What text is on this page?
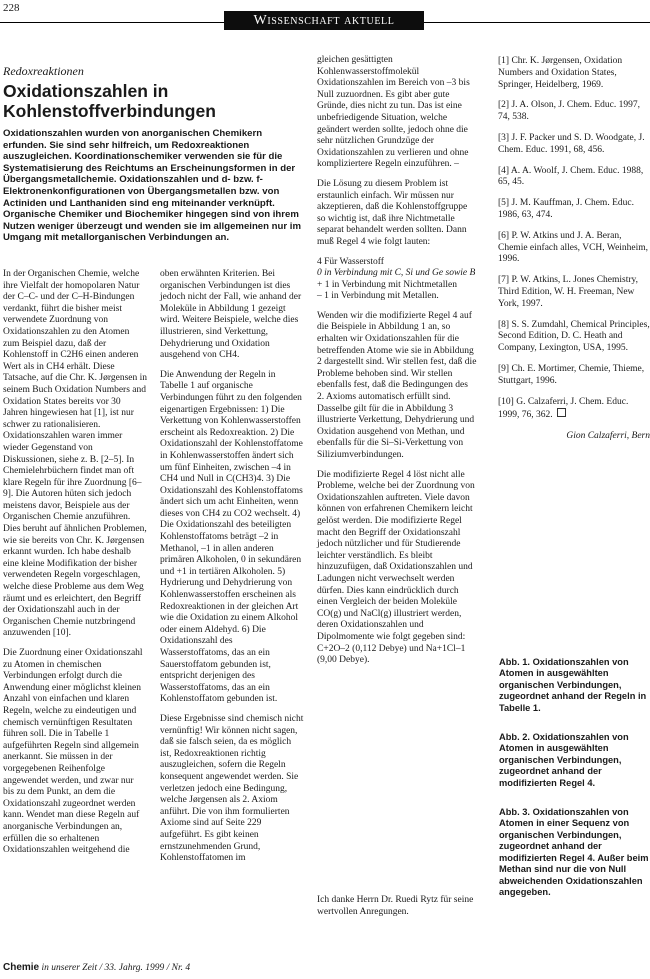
228
Wissenschaft aktuell
Redoxreaktionen
Oxidationszahlen in Kohlenstoffverbindungen
Oxidationszahlen wurden von anorganischen Chemikern erfunden. Sie sind sehr hilfreich, um Redoxreaktionen auszugleichen. Koordinationschemiker verwenden sie für die Systematisierung des Reichtums an Erscheinungsformen in der Übergangsmetallchemie. Oxidationszahlen und d- bzw. f-Elektronenkonfigurationen von Übergangsmetallen bzw. von Actiniden und Lanthaniden sind eng miteinander verknüpft. Organische Chemiker und Biochemiker hingegen sind von ihrem Nutzen weniger überzeugt und wenden sie im allgemeinen nur im Umgang mit metallorganischen Verbindungen an.

In der Organischen Chemie, welche ihre Vielfalt der homopolaren Natur der C–C- und der C–H-Bindungen verdankt, führt die bisher meist verwendete Zuordnung von Oxidationszahlen zu den Atomen zum Beispiel dazu, daß der Kohlenstoff in C2H6 einen anderen Wert als in CH4 erhält. Diese Tatsache, auf die Chr. K. Jørgensen in seinem Buch Oxidation Numbers and Oxidation States bereits vor 30 Jahren hingewiesen hat [1], ist nur schwer zu rationalisieren. Oxidationszahlen waren immer wieder Gegenstand von Diskussionen, siehe z. B. [2–5]. In Chemielehrbüchern findet man oft klare Regeln für ihre Zuordnung [6–9]. Die Autoren hüten sich jedoch meistens davor, Beispiele aus der Organischen Chemie anzuführen. Dies beruht auf ähnlichen Problemen, wie sie bereits von Chr. K. Jørgensen erkannt wurden. Ich habe deshalb eine kleine Modifikation der bisher verwendeten Regeln vorgeschlagen, welche diese Probleme aus dem Weg räumt und es erleichtert, den Begriff der Oxidationszahl auch in der Organischen Chemie nutzbringend anzuwenden [10].

Die Zuordnung einer Oxidationszahl zu Atomen in chemischen Verbindungen erfolgt durch die Anwendung einer möglichst kleinen Anzahl von einfachen und klaren Regeln, welche zu eindeutigen und chemisch vernünftigen Resultaten führen soll. Die in Tabelle 1 aufgeführten Regeln sind allgemein anerkannt. Sie müssen in der vorgegebenen Reihenfolge angewendet werden, und zwar nur bis zu dem Punkt, an dem die Oxidationszahl zugeordnet werden kann. Wendet man diese Regeln auf anorganische Verbindungen an, erfüllen die so erhaltenen Oxidationszahlen weitgehend die

oben erwähnten Kriterien. Bei organischen Verbindungen ist dies jedoch nicht der Fall, wie anhand der Moleküle in Abbildung 1 gezeigt wird. Weitere Beispiele, welche dies illustrieren, sind Verkettung, Dehydrierung und Oxidation ausgehend von CH4.

Die Anwendung der Regeln in Tabelle 1 auf organische Verbindungen führt zu den folgenden eigenartigen Ergebnissen: 1) Die Verkettung von Kohlenwasserstoffen erscheint als Redoxreaktion. 2) Die Oxidationszahl der Kohlenstoffatome in Kohlenwasserstoffen ändert sich um fünf Einheiten, zwischen –4 in CH4 und Null in C(CH3)4. 3) Die Oxidationszahl des Kohlenstoffatoms ändert sich um acht Einheiten, wenn dieses von CH4 zu CO2 wechselt. 4) Die Oxidationszahl des beteiligten Kohlenstoffatoms beträgt –2 in Methanol, –1 in allen anderen primären Alkoholen, 0 in sekundären und +1 in tertiären Alkoholen. 5) Hydrierung und Dehydrierung von Kohlenwasserstoffen erscheinen als Redoxreaktionen in der gleichen Art wie die Oxidation zu einem Alkohol oder einem Aldehyd. 6) Die Oxidationszahl des Wasserstoffatoms, das an ein Sauerstoffatom gebunden ist, entspricht derjenigen des Wasserstoffatoms, das an ein Kohlenstoffatom gebunden ist.

Diese Ergebnisse sind chemisch nicht vernünftig! Wir können nicht sagen, daß sie falsch seien, da es möglich ist, Redoxreaktionen richtig auszugleichen, sofern die Regeln konsequent angewendet werden. Sie verletzen jedoch eine Bedingung, welche Jørgensen als 2. Axiom anführt. Die von ihm formulierten Axiome sind auf Seite 229 aufgeführt. Es gibt keinen ernstzunehmenden Grund, Kohlenstoffatomen im

gleichen gesättigten Kohlenwasserstoffmolekül Oxidationszahlen im Bereich von –3 bis Null zuzuordnen. Es gibt aber gute Gründe, dies nicht zu tun. Das ist eine unbefriedigende Situation, welche geändert werden sollte, jedoch ohne die sehr nützlichen Grundzüge der Oxidationszahlen zu verlieren und ohne kompliziertere Regeln einzuführen. –

Die Lösung zu diesem Problem ist erstaunlich einfach. Wir müssen nur akzeptieren, daß die Kohlenstoffgruppe so wichtig ist, daß ihre Nichtmetalle separat behandelt werden sollten. Dann muß Regel 4 wie folgt lauten:

4 Für Wasserstoff
0 in Verbindung mit C, Si und Ge sowie B
+ 1 in Verbindung mit Nichtmetallen
– 1 in Verbindung mit Metallen.

Wenden wir die modifizierte Regel 4 auf die Beispiele in Abbildung 1 an, so erhalten wir Oxidationszahlen für die betreffenden Atome wie sie in Abbildung 2 dargestellt sind. Wir stellen fest, daß die Probleme behoben sind. Wir stellen ebenfalls fest, daß die Bedingungen des 2. Axioms automatisch erfüllt sind. Dasselbe gilt für die in Abbildung 3 illustrierte Verkettung, Dehydrierung und Oxidation ausgehend von Methan, und ebenfalls für die Si–Si-Verkettung von Siliziumverbindungen.

Die modifizierte Regel 4 löst nicht alle Probleme, welche bei der Zuordnung von Oxidationszahlen auftreten. Viele davon können von erfahrenen Chemikern leicht gelöst werden. Die modifizierte Regel macht den Begriff der Oxidationszahl jedoch nützlicher und für Studierende leichter verständlich. Es bleibt hinzuzufügen, daß Oxidationszahlen und Ladungen nicht verwechselt werden dürfen. Dies kann eindrücklich durch einen Vergleich der beiden Moleküle CO(g) und NaCl(g) illustriert werden, deren Oxidationszahlen und Dipolmomente wie folgt gegeben sind: C+2O–2 (0,112 Debye) und Na+1Cl–1 (9,00 Debye).

Ich danke Herrn Dr. Ruedi Rytz für seine wertvollen Anregungen.

[1] Chr. K. Jørgensen, Oxidation Numbers and Oxidation States, Springer, Heidelberg, 1969.

[2] J. A. Olson, J. Chem. Educ. 1997, 74, 538.

[3] J. F. Packer und S. D. Woodgate, J. Chem. Educ. 1991, 68, 456.

[4] A. A. Woolf, J. Chem. Educ. 1988, 65, 45.

[5] J. M. Kauffman, J. Chem. Educ. 1986, 63, 474.

[6] P. W. Atkins und J. A. Beran, Chemie einfach alles, VCH, Weinheim, 1996.

[7] P. W. Atkins, L. Jones Chemistry, Third Edition, W. H. Freeman, New York, 1997.

[8] S. S. Zumdahl, Chemical Principles, Second Edition, D. C. Heath and Company, Lexington, USA, 1995.

[9] Ch. E. Mortimer, Chemie, Thieme, Stuttgart, 1996.

[10] G. Calzaferri, J. Chem. Educ. 1999, 76, 362.

Gion Calzaferri, Bern

Abb. 1. Oxidationszahlen von Atomen in ausgewählten organischen Verbindungen, zugeordnet anhand der Regeln in Tabelle 1.

Abb. 2. Oxidationszahlen von Atomen in ausgewählten organischen Verbindungen, zugeordnet anhand der modifizierten Regel 4.

Abb. 3. Oxidationszahlen von Atomen in einer Sequenz von organischen Verbindungen, zugeordnet anhand der modifizierten Regel 4. Außer beim Methan sind nur die von Null abweichenden Oxidationszahlen angegeben.

Chemie in unserer Zeit / 33. Jahrg. 1999 / Nr. 4
